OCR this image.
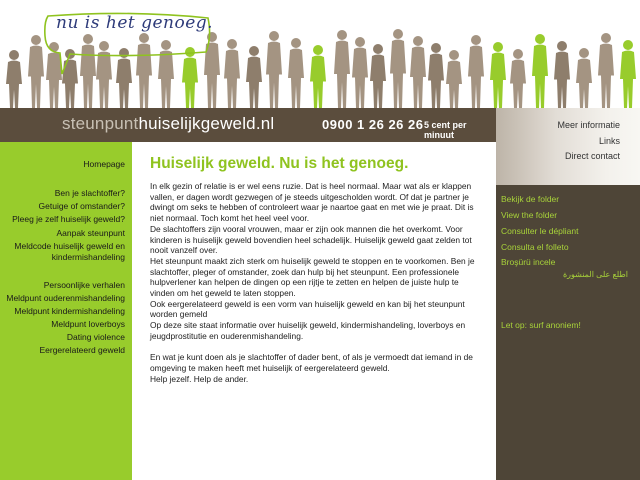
nu is het genoeg.
steunpunthuiselijkgeweld.nl	0900 1 26 26 26 5 cent per minuut
Meer informatie
Links
Direct contact
Homepage
Ben je slachtoffer?
Getuige of omstander?
Pleeg je zelf huiselijk geweld?
Aanpak steunpunt
Meldcode huiselijk geweld en kindermishandeling
Persoonlijke verhalen
Meldpunt ouderenmishandeling
Meldpunt kindermishandeling
Meldpunt loverboys
Dating violence
Eergerelateerd geweld
Huiselijk geweld. Nu is het genoeg.

In elk gezin of relatie is er wel eens ruzie. Dat is heel normaal. Maar wat als er klappen vallen, er dagen wordt gezwegen of je steeds uitgescholden wordt. Of dat je partner je dwingt om seks te hebben of controleert waar je naartoe gaat en met wie je praat. Dit is niet normaal. Toch komt het heel veel voor.

De slachtoffers zijn vooral vrouwen, maar er zijn ook mannen die het overkomt. Voor kinderen is huiselijk geweld bovendien heel schadelijk. Huiselijk geweld gaat zelden tot nooit vanzelf over.

Het steunpunt maakt zich sterk om huiselijk geweld te stoppen en te voorkomen. Ben je slachtoffer, pleger of omstander, zoek dan hulp bij het steunpunt. Een professionele hulpverlener kan helpen de dingen op een rijtje te zetten en helpen de juiste hulp te vinden om het geweld te laten stoppen.

Ook eergerelateerd geweld is een vorm van huiselijk geweld en kan bij het steunpunt worden gemeld

Op deze site staat informatie over huiselijk geweld, kindermishandeling, loverboys en jeugdprostitutie en ouderenmishandeling.

En wat je kunt doen als je slachtoffer of dader bent, of als je vermoedt dat iemand in de omgeving te maken heeft met huiselijk of eergerelateerd geweld.

Help jezelf. Help de ander.

Bekijk de folder
View the folder
Consulter le dépliant
Consulta el folleto
Broşürü incele
اطلع على المنشورة
Let op: surf anoniem!
